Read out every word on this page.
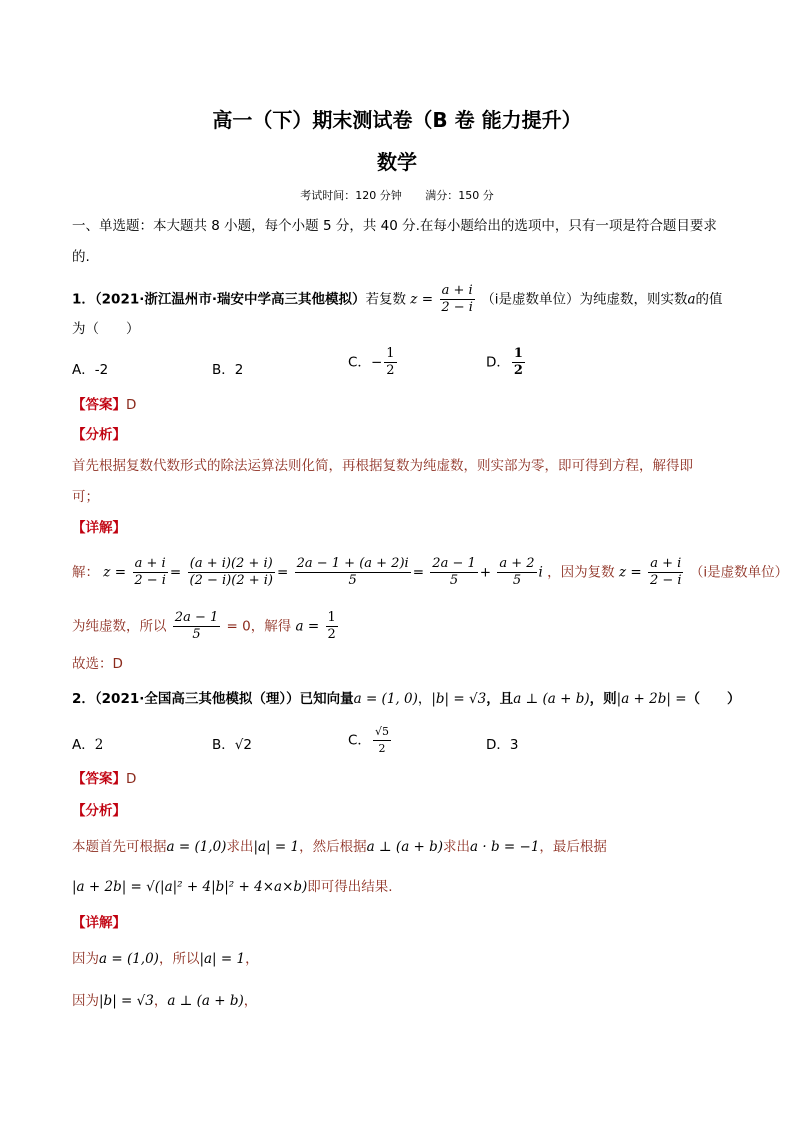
高一（下）期末测试卷（B 卷 能力提升）
数学
考试时间：120 分钟 满分：150 分
一、单选题：本大题共 8 小题，每个小题 5 分，共 40 分.在每小题给出的选项中，只有一项是符合题目要求
的.
1．（2021·浙江温州市·瑞安中学高三其他模拟）若复数 $z = \frac{a + i}{2 - i} (i$是虚数单位）为纯虚数，则实数a的值
为（　　）
A．-2	B．2	C．− $\frac{1}{2}$	D． $\frac{1}{2}$
【答案】D
【分析】
首先根据复数代数形式的除法运算法则化简，再根据复数为纯虚数，则实部为零，即可得到方程，解得即
可；
【详解】
解： $z = \frac{a + i}{2 - i} = \frac{(a + i)(2 + i)}{(2 - i)(2 + i)} = \frac{2a - 1 + (a + 2)i}{5} = \frac{2a - 1}{5} + \frac{a + 2}{5}$ i ，因为复数 $z = \frac{a + i}{2 - i} (i$是虚数单位）
为纯虚数，所以 $\frac{2a - 1}{5} = 0$，解得 $a = \frac{1}{2}$
故选：D
2．（2021·全国高三其他模拟（理））已知向量a = (1, 0)，|b| = √3，且a ⊥ (a + b)，则|a + 2b| =（　　）
A．2	B．√2	C． $\frac{√5}{2}$	D．3
【答案】D
【分析】
本题首先可根据a = (1,0)求出|a| = 1，然后根据a ⊥ (a + b)求出a · b = −1，最后根据
|a + 2b| = √(|a|² + 4|b|² + 4×a×b)即可得出结果.
【详解】
因为a = (1,0)，所以|a| = 1，
因为|b| = √3，a ⊥ (a + b)，
